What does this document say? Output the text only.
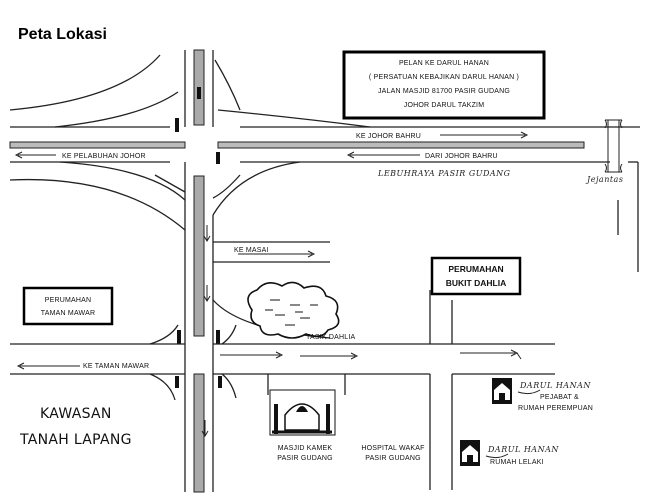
Peta Lokasi
Jejantas
KE MASAI
KE TAMAN MAWAR
TASIK DAHLIA
PELAN KE DARUL HANAN
( PERSATUAN KEBAJIKAN DARUL HANAN )
JALAN MASJID 81700 PASIR GUDANG
JOHOR DARUL TAKZIM
KE JOHOR BAHRU
KE PELABUHAN JOHOR	DARI JOHOR BAHRU
LEBUHRAYA PASIR GUDANG
PERUMAHAN
TAMAN MAWAR
PERUMAHAN
BUKIT DAHLIA
KAWASAN
TANAH LAPANG
MASJID KAMEK
PASIR GUDANG
HOSPITAL WAKAF
PASIR GUDANG
DARUL HANAN
PEJABAT &
RUMAH PEREMPUAN
DARUL HANAN
RUMAH LELAKI
